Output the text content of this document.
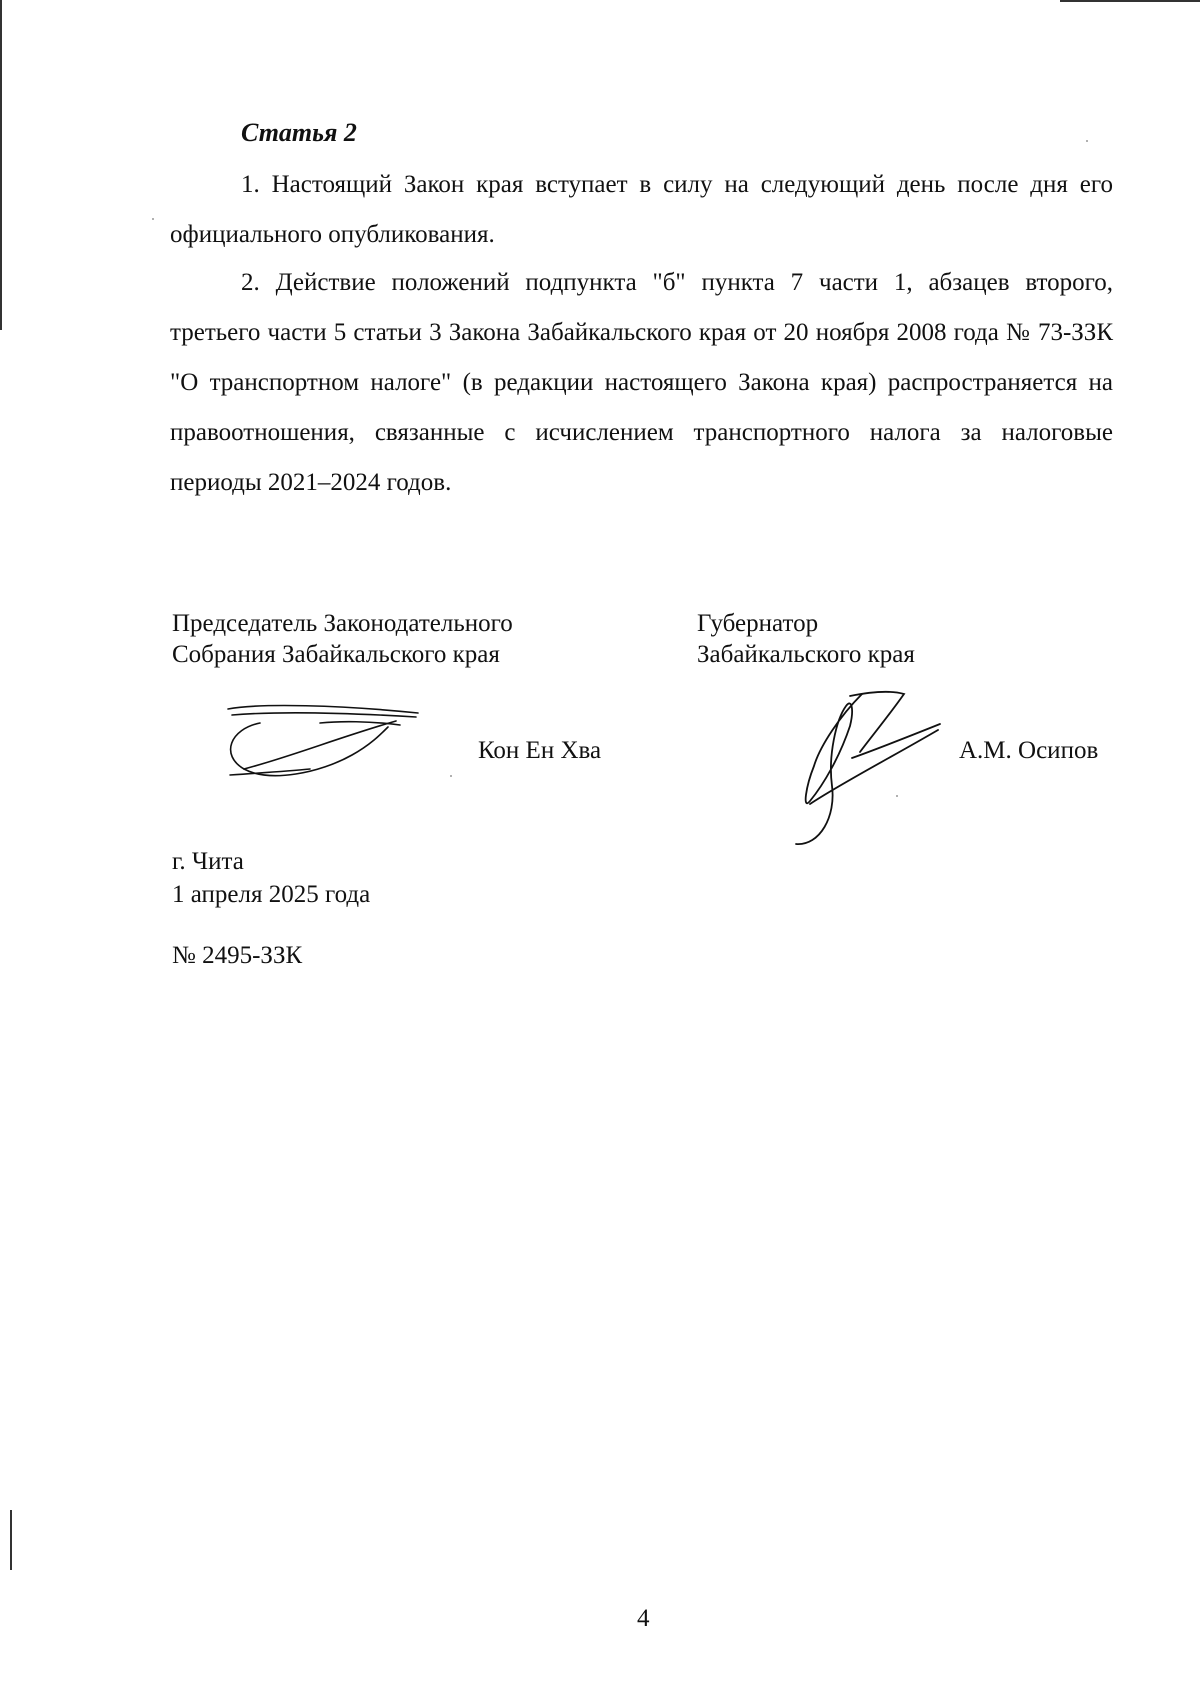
Статья 2
1. Настоящий Закон края вступает в силу на следующий день после дня его официального опубликования.
2. Действие положений подпункта "б" пункта 7 части 1, абзацев второго, третьего части 5 статьи 3 Закона Забайкальского края от 20 ноября 2008 года № 73-ЗЗК "О транспортном налоге" (в редакции настоящего Закона края) распространяется на правоотношения, связанные с исчислением транспортного налога за налоговые периоды 2021–2024 годов.
Председатель Законодательного
Собрания Забайкальского края
Кон Ен Хва
Губернатор
Забайкальского края
А.М. Осипов
г. Чита
1 апреля 2025 года
№ 2495-ЗЗК
4
